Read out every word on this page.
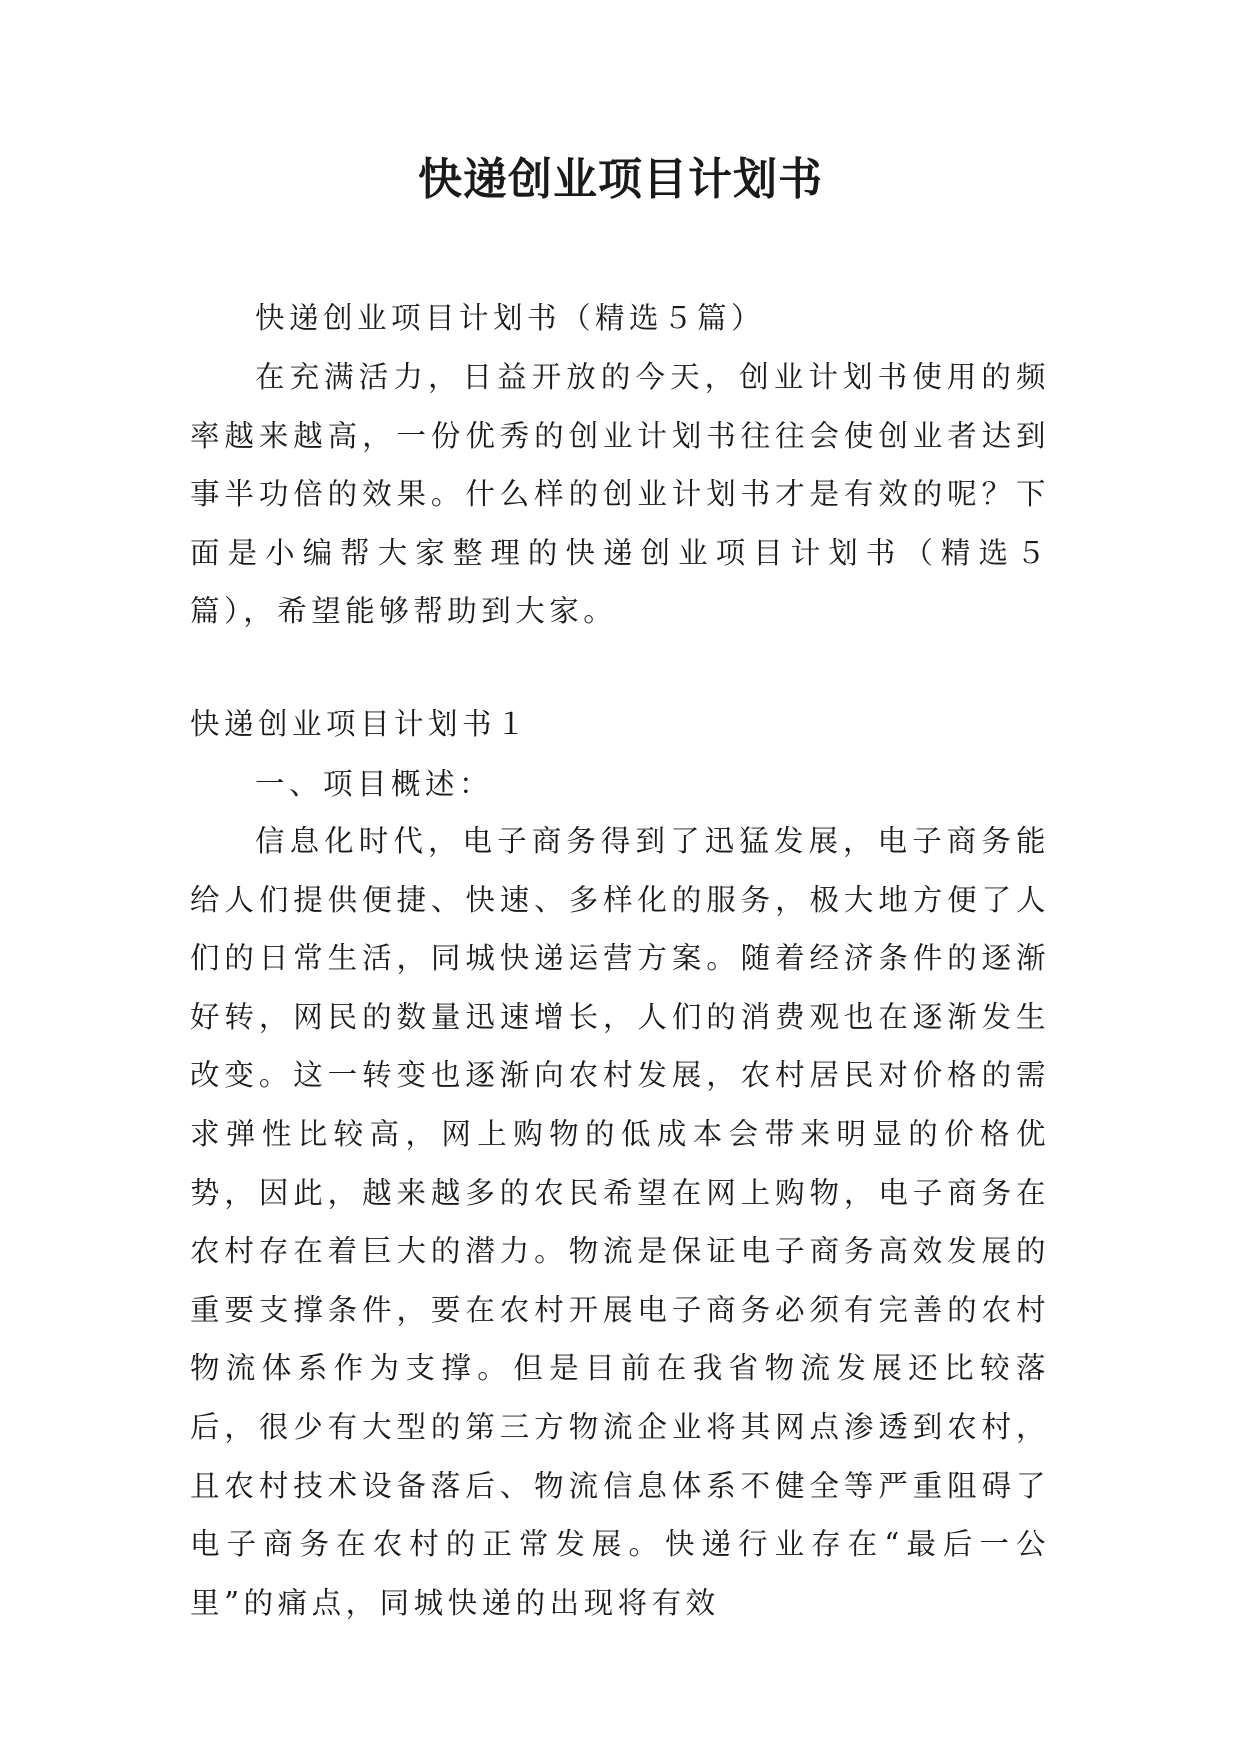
快递创业项目计划书

快递创业项目计划书（精选５篇）

在充满活力，日益开放的今天，创业计划书使用的频率越来越高，一份优秀的创业计划书往往会使创业者达到事半功倍的效果。什么样的创业计划书才是有效的呢？下面是小编帮大家整理的快递创业项目计划书（精选５篇），希望能够帮助到大家。

快递创业项目计划书１

一、项目概述：

信息化时代，电子商务得到了迅猛发展，电子商务能给人们提供便捷、快速、多样化的服务，极大地方便了人们的日常生活，同城快递运营方案。随着经济条件的逐渐好转，网民的数量迅速增长，人们的消费观也在逐渐发生改变。这一转变也逐渐向农村发展，农村居民对价格的需求弹性比较高，网上购物的低成本会带来明显的价格优势，因此，越来越多的农民希望在网上购物，电子商务在农村存在着巨大的潜力。物流是保证电子商务高效发展的重要支撑条件，要在农村开展电子商务必须有完善的农村物流体系作为支撑。但是目前在我省物流发展还比较落后，很少有大型的第三方物流企业将其网点渗透到农村，且农村技术设备落后、物流信息体系不健全等严重阻碍了电子商务在农村的正常发展。快递行业存在“最后一公里”的痛点，同城快递的出现将有效
